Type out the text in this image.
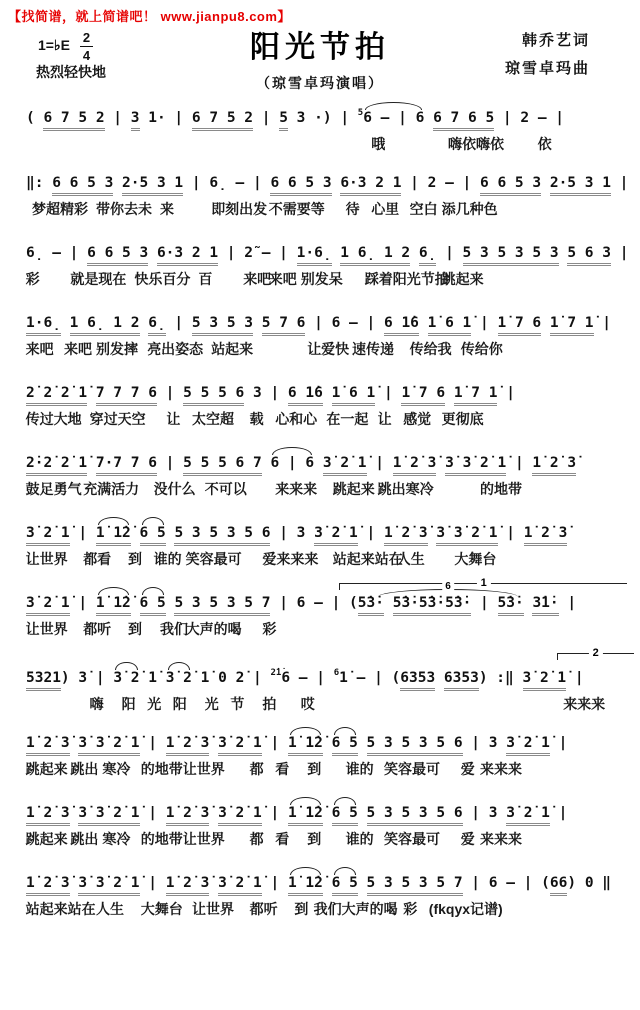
【找简谱，就上简谱吧！ www.jianpu8.com】
1=♭E $\frac{2}{4}$
热烈轻快地
阳光节拍
（琼雪卓玛演唱）
韩乔艺词
琼雪卓玛曲
( 6 7 5 2 | 3 1· | 6 7 5 2 | 5 3 ·) | 56 – | 6 6 7 6 5 | 2 – |
哦	嗨依嗨依 依
‖: 6 6 5 3 2·5 3 1 | 6̣ – | 6 6 5 3 6·3 2 1 | 2 – | 6 6 5 3 2·5 3 1 |
梦超精彩 带你去未 来	即刻出发 不需要等 待 心里 空白 添几种色
6̣ – | 6 6 5 3 6·3 2 1 | 2̃ – | 1·6̣ 1 6̣ 1 2 6̣ | 5 3 5 3 5 3 5 6 3 |
彩 就是现在 快乐百分 百 来吧
来吧 别发呆 踩着阳光节拍
跳起来
1·6̣ 1 6̣ 1 2 6̣ | 5 3 5 3 5 7 6 | 6 – | 6 1̇6 1̇ 6 1̇ | 1̇ 7 6 1̇ 7 1̇ |
来吧 来吧 别发摔 亮出姿态 站起来	让爱快 速传递 传给我 传给你
2̇ 2̇ 2̇ 1̇ 7 7 7 6 | 5 5 5 6 3 | 6 1̇6 1̇ 6 1̇ | 1̇ 7 6 1̇ 7 1̇ |
传过大地 穿过天空 让 太空超 载 心和心 在一起 让 感觉 更彻底
2̇·2̇ 2̇ 1̇ 7·7 7 6 | 5 5 5 6 7 6 | 6 3̇ 2̇ 1̇ | 1̇ 2̇ 3̇ 3̇ 3̇ 2̇ 1̇ | 1̇ 2̇ 3̇
鼓足勇气 充满活力 没什么 不可以 来来来 跳起来 跳出寒冷	的地带
3̇ 2̇ 1̇ | 1̇ 1̇2̇ 6 5 5 3 5 3 5 6 | 3 3̇ 2̇ 1̇ | 1̇ 2̇ 3̇ 3̇ 3̇ 2̇ 1̇ | 1̇ 2̇ 3̇
让世界 都看 到 谁的 笑容最可 爱来来来 站起来站在
人生 大舞台
1
6
3̇ 2̇ 1̇ | 1̇ 1̇2̇ 6 5 5 3 5 3 5 7 | 6 – | (5̇3̇· 5̇3̇·5̇3̇·5̇3̇· | 5̇3̇· 3̇1̇· |
让世界 都听 到 我们
大声的喝 彩
2
5321) 3̇ | 3̇ 2̇ 1̇ 3̇ 2̇ 1̇ 0 2̇ | 2̇1̇6 – | 61̇ – | (6353 6353) :‖ 3̇ 2̇ 1̇ |
嗨 阳 光 阳 光 节 拍 哎	来来来
1̇ 2̇ 3̇ 3̇ 3̇ 2̇ 1̇ | 1̇ 2̇ 3̇ 3̇ 2̇ 1̇ | 1̇ 1̇2̇ 6 5 5 3 5 3 5 6 | 3 3̇ 2̇ 1̇ |
跳起来 跳出 寒冷 的地带让世界 都 看 到 谁的 笑容最可 爱 来来来
1̇ 2̇ 3̇ 3̇ 3̇ 2̇ 1̇ | 1̇ 2̇ 3̇ 3̇ 2̇ 1̇ | 1̇ 1̇2̇ 6 5 5 3 5 3 5 6 | 3 3̇ 2̇ 1̇ |
跳起来 跳出 寒冷 的地带让世界 都 看 到 谁的 笑容最可 爱 来来来
1̇ 2̇ 3̇ 3̇ 3̇ 2̇ 1̇ | 1̇ 2̇ 3̇ 3̇ 2̇ 1̇ | 1̇ 1̇2̇ 6 5 5 3 5 3 5 7 | 6 – | (66) 0 ‖
站起来站在 人生 大舞台 让世界 都听 到 我们大声的喝 彩 (fkqyx记谱)
